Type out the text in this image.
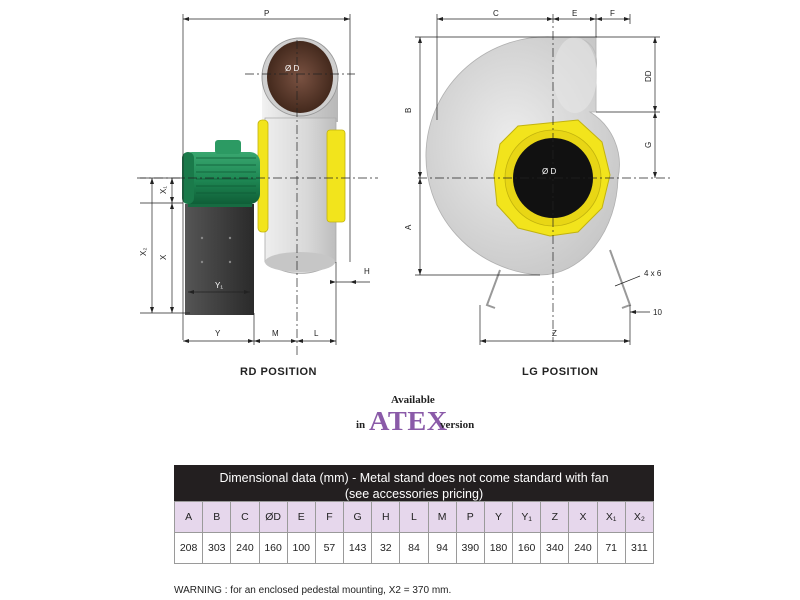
P
Ø D
X₂
X
X₁
Y₁
Y	M	L
H
C	E	F
B
A
DD
G
Ø D
4 x 6
10
Z
RD POSITION	LG POSITION
Available
in ATEX
version
Dimensional data (mm) - Metal stand does not come standard with fan
(see accessories pricing)
A	B	C	ØD	E	F	G	H	L	M	P	Y	Y₁	Z	X	X₁	X₂
208	303	240	160	100	57	143	32	84	94	390	180	160	340	240	71	311
WARNING : for an enclosed pedestal mounting, X2 = 370 mm.
